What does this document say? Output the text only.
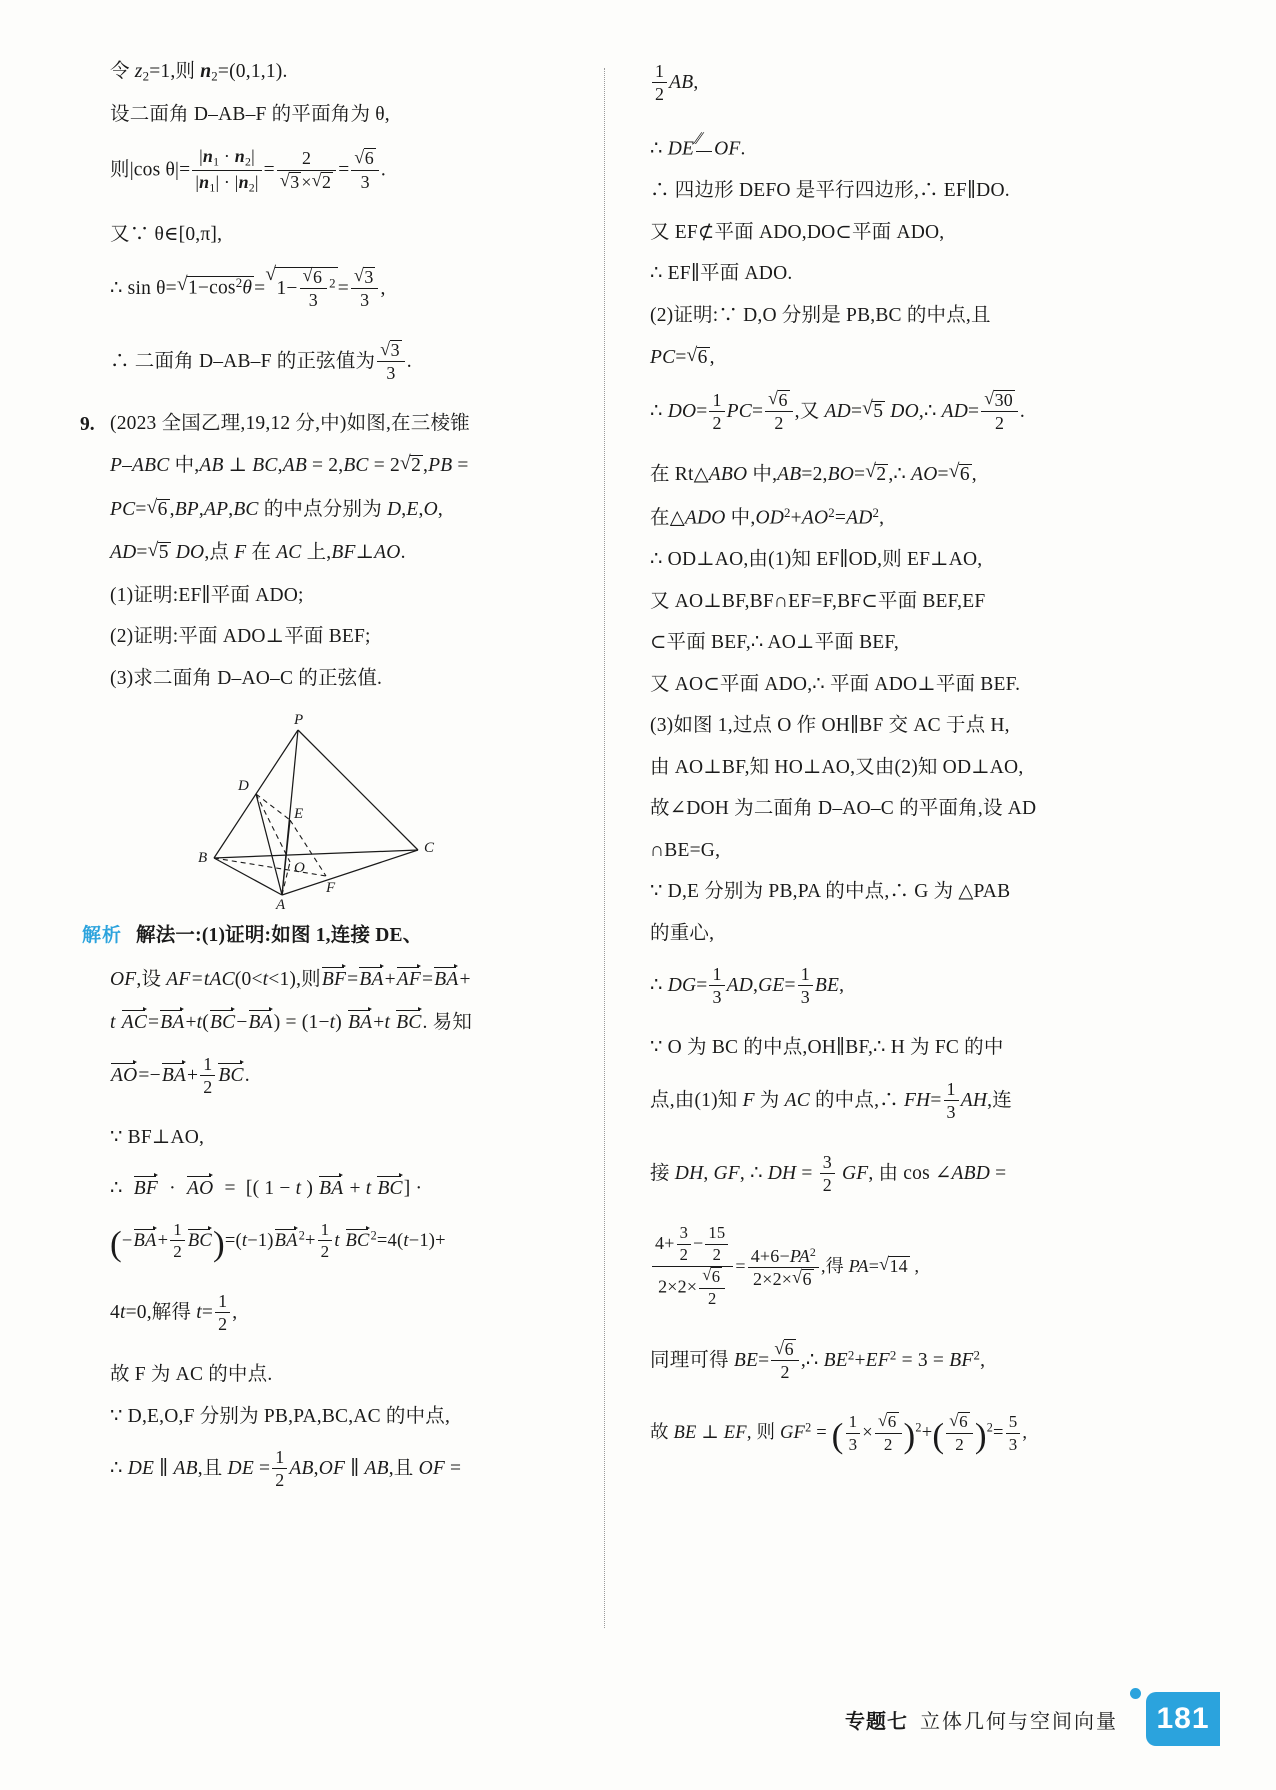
令 $z_2=1$,则 $n_2=(0,1,1)$.
设二面角 D–AB–F 的平面角为 θ,
则|cos $\theta|= \frac{|n_1 \cdot n_2|}{|n_1| \cdot |n_2|} = 2$
√ 3 × √ 2 = √ $\frac{6}{3}$ .
又∵ θ∈[0,π],
∴ sin θ= √ $1-\cos^2\theta$ = √ 1− √ $\frac{6}{3} ^2$ = √ $\frac{3}{3}$ ,
∴ 二面角 D–AB–F 的正弦值为 √ $\frac{3}{3}$ .
9. (2023 全国乙理,19,12 分,中)如图,在三棱锥
P–ABC 中,AB ⊥ BC,AB = 2,BC = 2 √ 2 ,PB =
PC= √ 6 ,BP,AP,BC 的中点分别为 D,E,O,
AD= √ 5 DO,点 F 在 AC 上,BF⊥AO.
(1)证明:EF∥平面 ADO;
(2)证明:平面 ADO⊥平面 BEF;
(3)求二面角 D–AO–C 的正弦值.
P
D
E
B
O
C
F
A
解析 解法一:(1)证明:如图 1,连接 DE、
OF,设 AF=tAC(0<t<1),则BF=BA+AF=BA+
t AC=BA+t(BC−BA) = (1−t) BA+t BC. 易知
$AO=-BA+ \frac{1}{2}$ BC.
∵ BF⊥AO,
∴  BF  ·  AO  =  [( 1 − t ) BA + t BC] ·
$(-BA+ \frac{1}{2} BC)=(t-1)BA^2+ \frac{1}{2}$ t $BC^2=4(t-1)+$
4t=0,解得 $t= \frac{1}{2}$ ,
故 F 为 AC 的中点.
∵ D,E,O,F 分别为 PB,PA,BC,AC 的中点,
∴ DE ∥ AB,且 DE = $\frac{1}{2} AB,OF$ ∥ AB,且 OF =
$\frac{1}{2}$ AB,
∴ DE ∕∕ OF.
∴ 四边形 DEFO 是平行四边形,∴ EF∥DO.
又 EF⊄平面 ADO,DO⊂平面 ADO,
∴ EF∥平面 ADO.
(2)证明:∵ D,O 分别是 PB,BC 的中点,且
PC= √ 6 ,
∴ $DO= \frac{1}{2} PC=$ √ $\frac{6}{2}$ ,又 AD= √ 5 DO,∴ AD= √ $\frac{30}{2}$ .
在 Rt△ABO 中,AB=2,BO= √ 2 ,∴ AO= √ 6 ,
在△ADO 中$,OD^2+AO^2=AD^2$,
∴ OD⊥AO,由(1)知 EF∥OD,则 EF⊥AO,
又 AO⊥BF,BF∩EF=F,BF⊂平面 BEF,EF
⊂平面 BEF,∴ AO⊥平面 BEF,
又 AO⊂平面 ADO,∴ 平面 ADO⊥平面 BEF.
(3)如图 1,过点 O 作 OH∥BF 交 AC 于点 H,
由 AO⊥BF,知 HO⊥AO,又由(2)知 OD⊥AO,
故∠DOH 为二面角 D–AO–C 的平面角,设 AD
∩BE=G,
∵ D,E 分别为 PB,PA 的中点,∴ G 为 △PAB
的重心,
∴ $DG= \frac{1}{3} AD,GE= \frac{1}{3}$ BE,
∵ O 为 BC 的中点,OH∥BF,∴ H 为 FC 的中
点,由(1)知 F 为 AC 的中点,∴ $FH= \frac{1}{3}$ AH,连
接 DH, GF, ∴ DH = $\frac{3}{2}$ GF, 由 cos ∠ABD =
$\frac{4+ \frac{3}{2} - \frac{15}{2}}{2\times 2\times √ \frac{6}{2}} = \frac{4+6-PA^2}{2\times 2\times √ 6}$ ,得 PA= √ 14 ,
同理可得 BE= √ $\frac{6}{2}$ ,∴ $BE^2+EF^2 = 3 = BF^2$,
故 BE ⊥ EF, 则 $GF^2$ = ( $\frac{1}{3}$ × √ $\frac{6}{2} )^2+$( √ $\frac{6}{2} )^2= \frac{5}{3}$ ,
专题七 立体几何与空间向量 181
